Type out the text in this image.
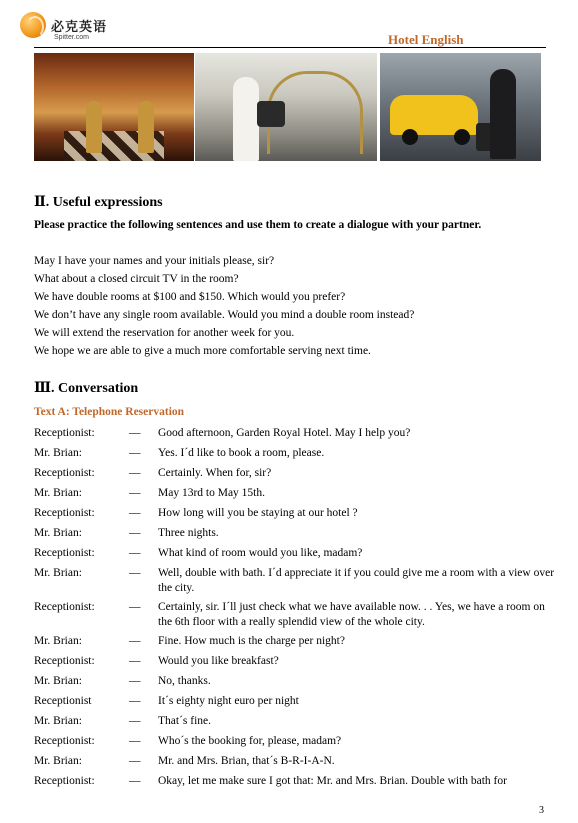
必克英语
Spitter.com	Hotel English
Ⅱ. Useful expressions
Please practice the following sentences and use them to create a dialogue with your partner.
May I have your names and your initials please, sir?
What about a closed circuit TV in the room?
We have double rooms at $100 and $150. Which would you prefer?
We don’t have any single room available. Would you mind a double room instead?
We will extend the reservation for another week for you.
We hope we are able to give a much more comfortable serving next time.
Ⅲ. Conversation
Text A: Telephone Reservation
Receptionist:	—	Good afternoon, Garden Royal Hotel. May I help you?
Mr. Brian:	—	Yes. I´d like to book a room, please.
Receptionist:	—	Certainly. When for, sir?
Mr. Brian:	—	May 13rd to May 15th.
Receptionist:	—	How long will you be staying at our hotel ?
Mr. Brian:	—	Three nights.
Receptionist:	—	What kind of room would you like, madam?
Mr. Brian:	—	Well, double with bath. I´d appreciate it if you could give me a room with a view over the city.
Receptionist:	—	Certainly, sir. I´ll just check what we have available now. . . Yes, we have a room on the 6th floor with a really splendid view of the whole city.
Mr. Brian:	—	Fine. How much is the charge per night?
Receptionist:	—	Would you like breakfast?
Mr. Brian:	—	No, thanks.
Receptionist	—	It´s eighty night euro per night
Mr. Brian:	—	That´s fine.
Receptionist:	—	Who´s the booking for, please, madam?
Mr. Brian:	—	Mr. and Mrs. Brian, that´s B-R-I-A-N.
Receptionist:	—	Okay, let me make sure I got that: Mr. and Mrs. Brian. Double with bath for
3
